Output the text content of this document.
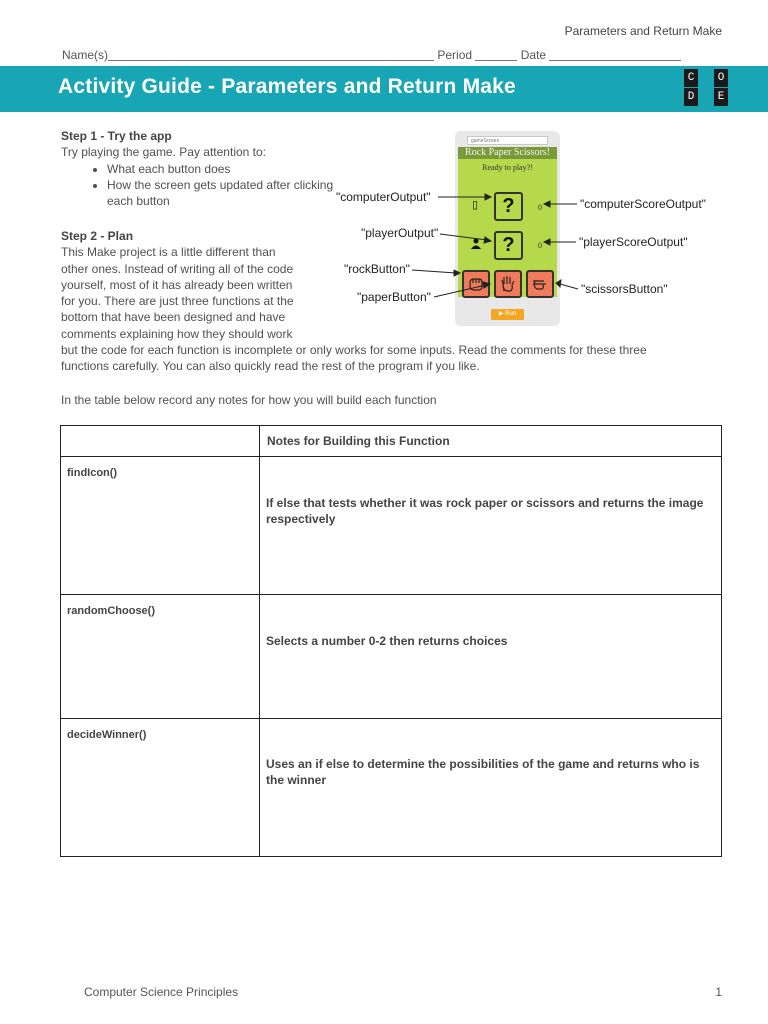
Parameters and Return Make
Name(s)	Period	Date
Activity Guide - Parameters and Return Make	C	O
D	E
Step 1 - Try the app
Try playing the game. Pay attention to:
• What each button does
• How the screen gets updated after clicking each button
Step 2 - Plan
This Make project is a little different than
other ones. Instead of writing all of the code
yourself, most of it has already been written
for you. There are just three functions at the
bottom that have been designed and have
comments explaining how they should work
but the code for each function is incomplete or only works for some inputs. Read the comments for these three
functions carefully. You can also quickly read the rest of the program if you like.
In the table below record any notes for how you will build each function
gameScreen
Rock Paper Scissors!
Ready to play?!
▯	?	0
?	0
▶ Run
"computerOutput"
"playerOutput"
"rockButton"
"paperButton"
"computerScoreOutput"
"playerScoreOutput"
"scissorsButton"
	Notes for Building this Function
findIcon()	If else that tests whether it was rock paper or scissors and returns the image respectively

randomChoose()	Selects a number 0-2 then returns choices

decideWinner()	Uses an if else to determine the possibilities of the game and returns who is the winner
Computer Science Principles	1
